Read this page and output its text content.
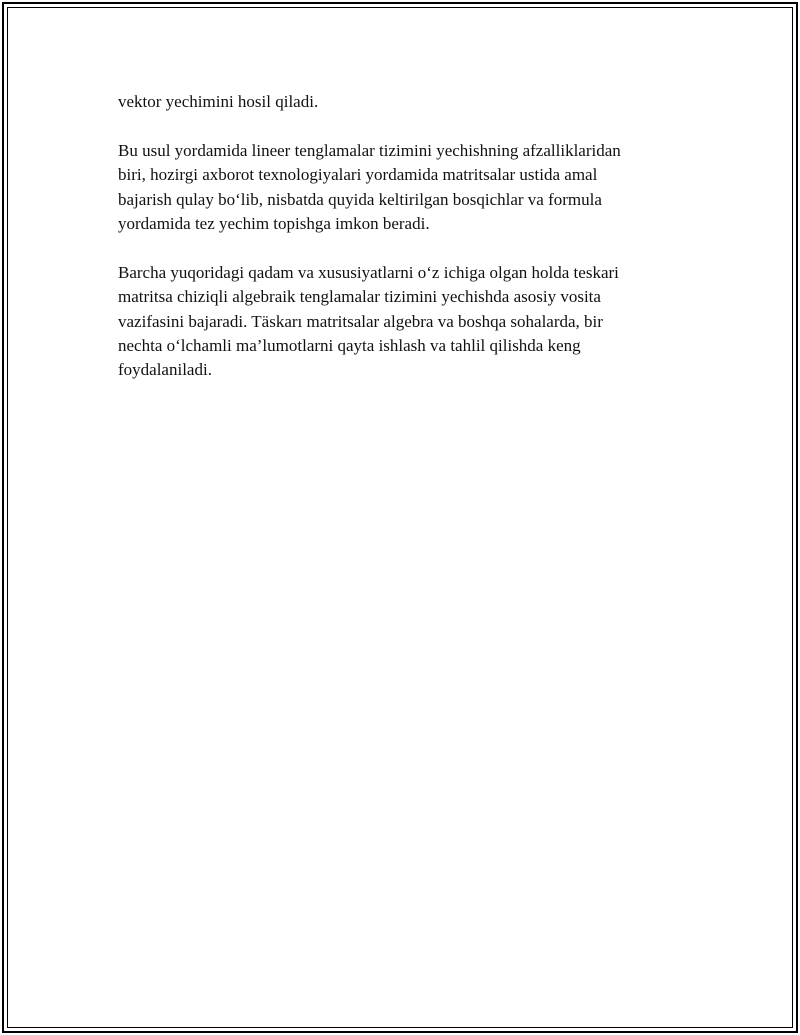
vektor yechimini hosil qiladi.

Bu usul yordamida lineer tenglamalar tizimini yechishning afzalliklaridan
biri, hozirgi axborot texnologiyalari yordamida matritsalar ustida amal
bajarish qulay bo‘lib, nisbatda quyida keltirilgan bosqichlar va formula
yordamida tez yechim topishga imkon beradi.

Barcha yuqoridagi qadam va xususiyatlarni o‘z ichiga olgan holda teskari
matritsa chiziqli algebraik tenglamalar tizimini yechishda asosiy vosita
vazifasini bajaradi. Täskarı matritsalar algebra va boshqa sohalarda, bir
nechta o‘lchamli ma’lumotlarni qayta ishlash va tahlil qilishda keng
foydalaniladi.
